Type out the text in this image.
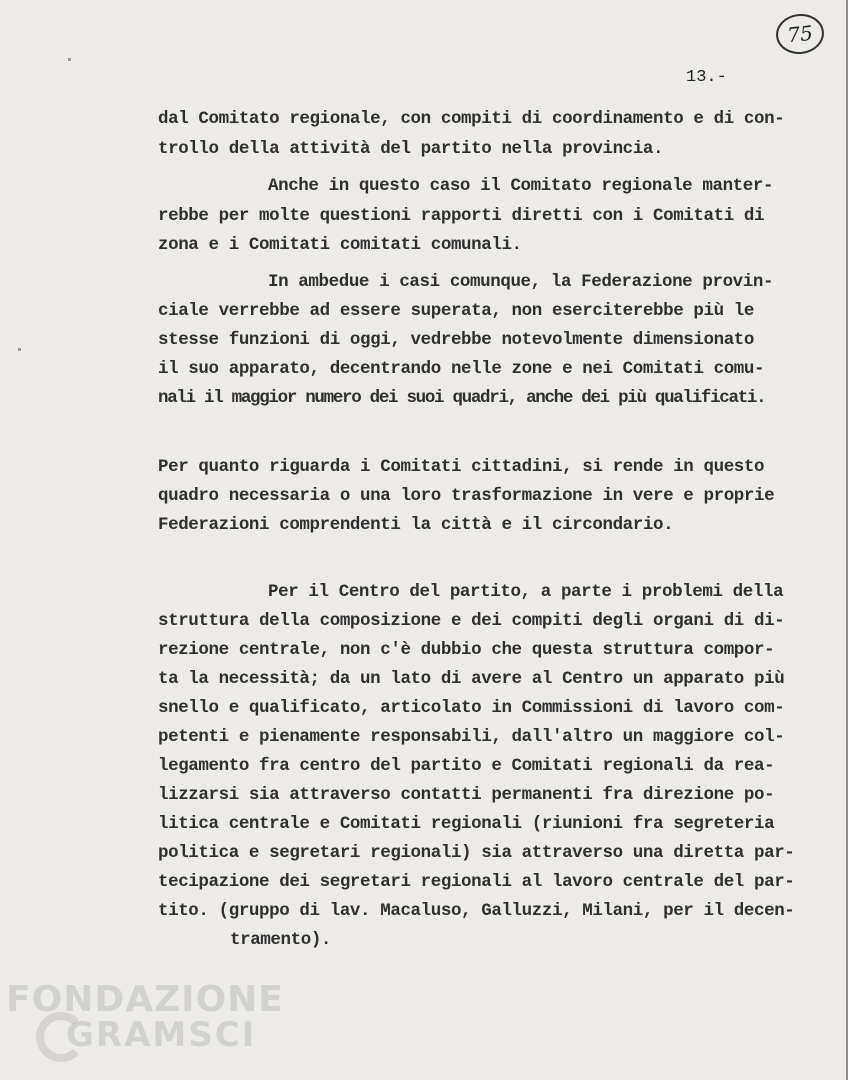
75
13.-
dal Comitato regionale, con compiti di coordinamento e di con-
trollo della attività del partito nella provincia.
Anche in questo caso il Comitato regionale manter-
rebbe per molte questioni rapporti diretti con i Comitati di
zona e i Comitati comitati comunali.
In ambedue i casi comunque, la Federazione provin-
ciale verrebbe ad essere superata, non eserciterebbe più le
stesse funzioni di oggi, vedrebbe notevolmente dimensionato
il suo apparato, decentrando nelle zone e nei Comitati comu-
nali il maggior numero dei suoi quadri, anche dei più qualificati.
Per quanto riguarda i Comitati cittadini, si rende in questo
quadro necessaria o una loro trasformazione in vere e proprie
Federazioni comprendenti la città e il circondario.
Per il Centro del partito, a parte i problemi della
struttura della composizione e dei compiti degli organi di di-
rezione centrale, non c'è dubbio che questa struttura compor-
ta la necessità; da un lato di avere al Centro un apparato più
snello e qualificato, articolato in Commissioni di lavoro com-
petenti e pienamente responsabili, dall'altro un maggiore col-
legamento fra centro del partito e Comitati regionali da rea-
lizzarsi sia attraverso contatti permanenti fra direzione po-
litica centrale e Comitati regionali (riunioni fra segreteria
politica e segretari regionali) sia attraverso una diretta par-
tecipazione dei segretari regionali al lavoro centrale del par-
tito. (gruppo di lav. Macaluso, Galluzzi, Milani, per il decen-
tramento).
FONDAZIONE
GRAMSCI
